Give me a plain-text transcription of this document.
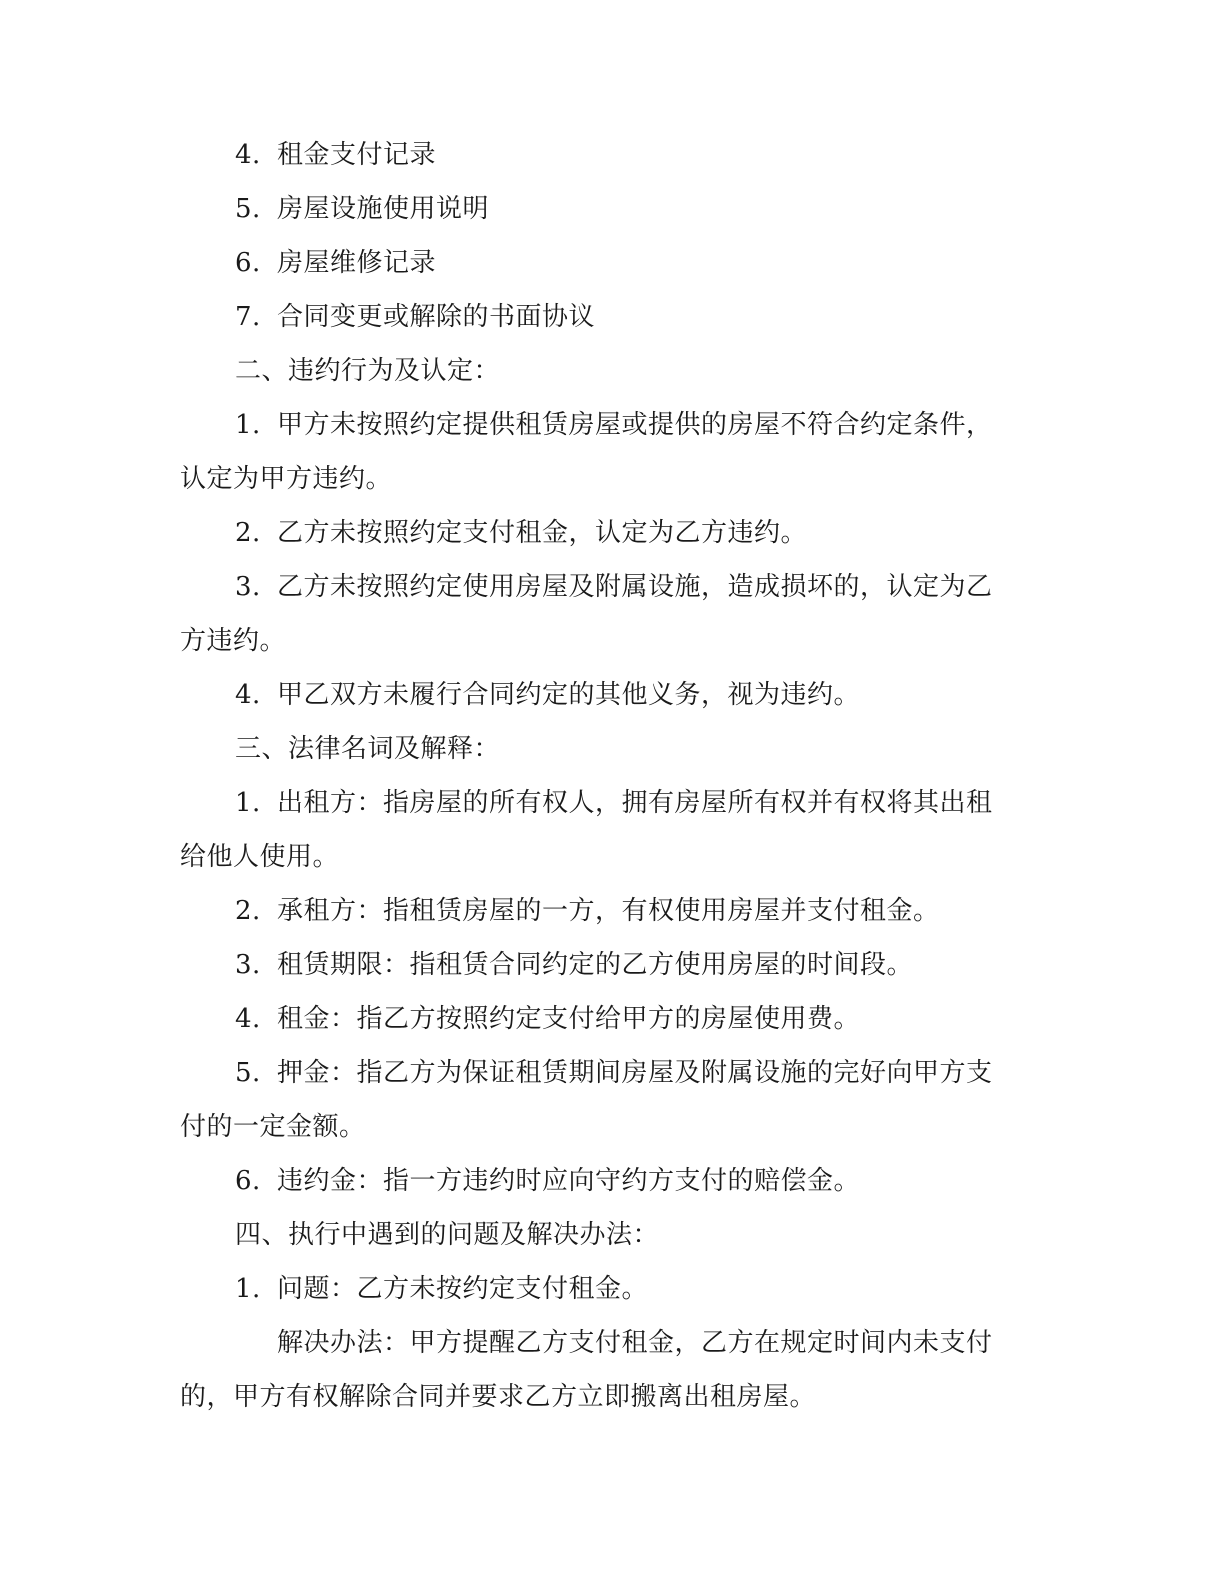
4. 租金支付记录
5. 房屋设施使用说明
6. 房屋维修记录
7. 合同变更或解除的书面协议
二、违约行为及认定：
1. 甲方未按照约定提供租赁房屋或提供的房屋不符合约定条件，
认定为甲方违约。
2. 乙方未按照约定支付租金，认定为乙方违约。
3. 乙方未按照约定使用房屋及附属设施，造成损坏的，认定为乙
方违约。
4. 甲乙双方未履行合同约定的其他义务，视为违约。
三、法律名词及解释：
1. 出租方：指房屋的所有权人，拥有房屋所有权并有权将其出租
给他人使用。
2. 承租方：指租赁房屋的一方，有权使用房屋并支付租金。
3. 租赁期限：指租赁合同约定的乙方使用房屋的时间段。
4. 租金：指乙方按照约定支付给甲方的房屋使用费。
5. 押金：指乙方为保证租赁期间房屋及附属设施的完好向甲方支
付的一定金额。
6. 违约金：指一方违约时应向守约方支付的赔偿金。
四、执行中遇到的问题及解决办法：
1. 问题：乙方未按约定支付租金。
解决办法：甲方提醒乙方支付租金，乙方在规定时间内未支付
的，甲方有权解除合同并要求乙方立即搬离出租房屋。
